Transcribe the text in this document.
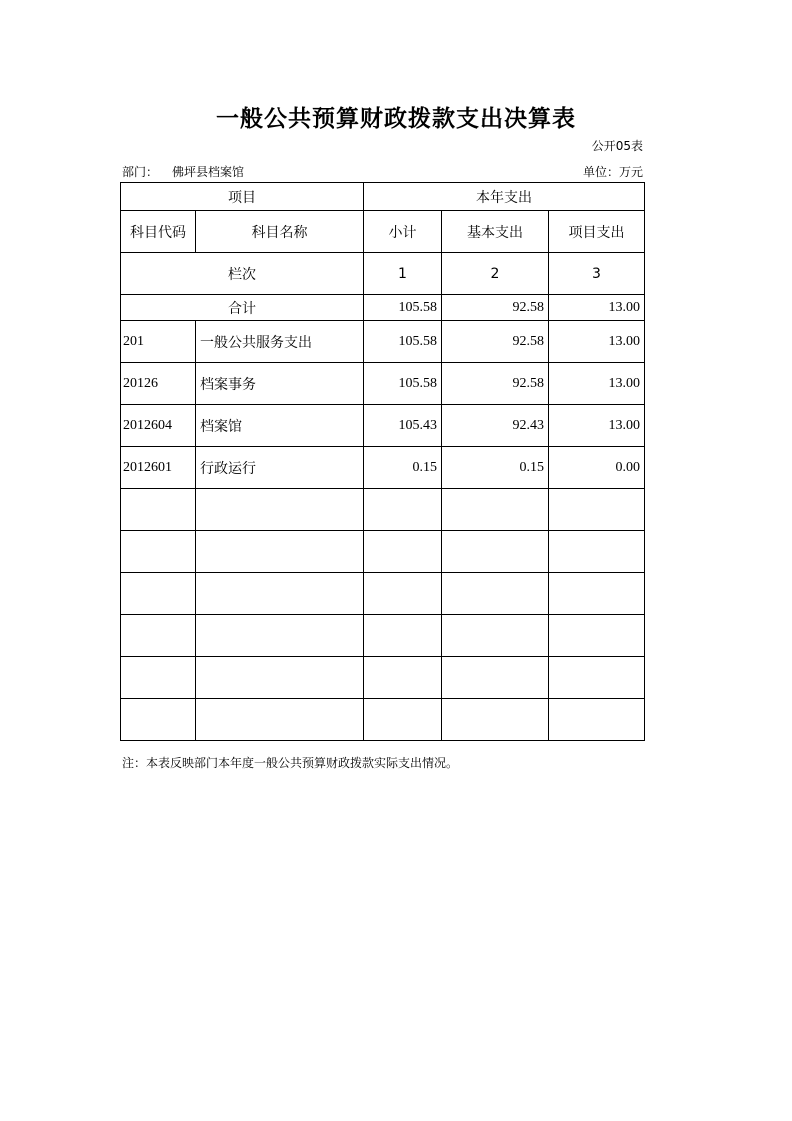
一般公共预算财政拨款支出决算表
公开05表
部门： 佛坪县档案馆	单位：万元
项目		本年支出		
科目代码	科目名称	小计	基本支出	项目支出
栏次		1	2	3
合计		105.58	92.58	13.00
201	一般公共服务支出	105.58	92.58	13.00
20126	档案事务	105.58	92.58	13.00
2012604	档案馆	105.43	92.43	13.00
2012601	行政运行	0.15	0.15	0.00

注：本表反映部门本年度一般公共预算财政拨款实际支出情况。
